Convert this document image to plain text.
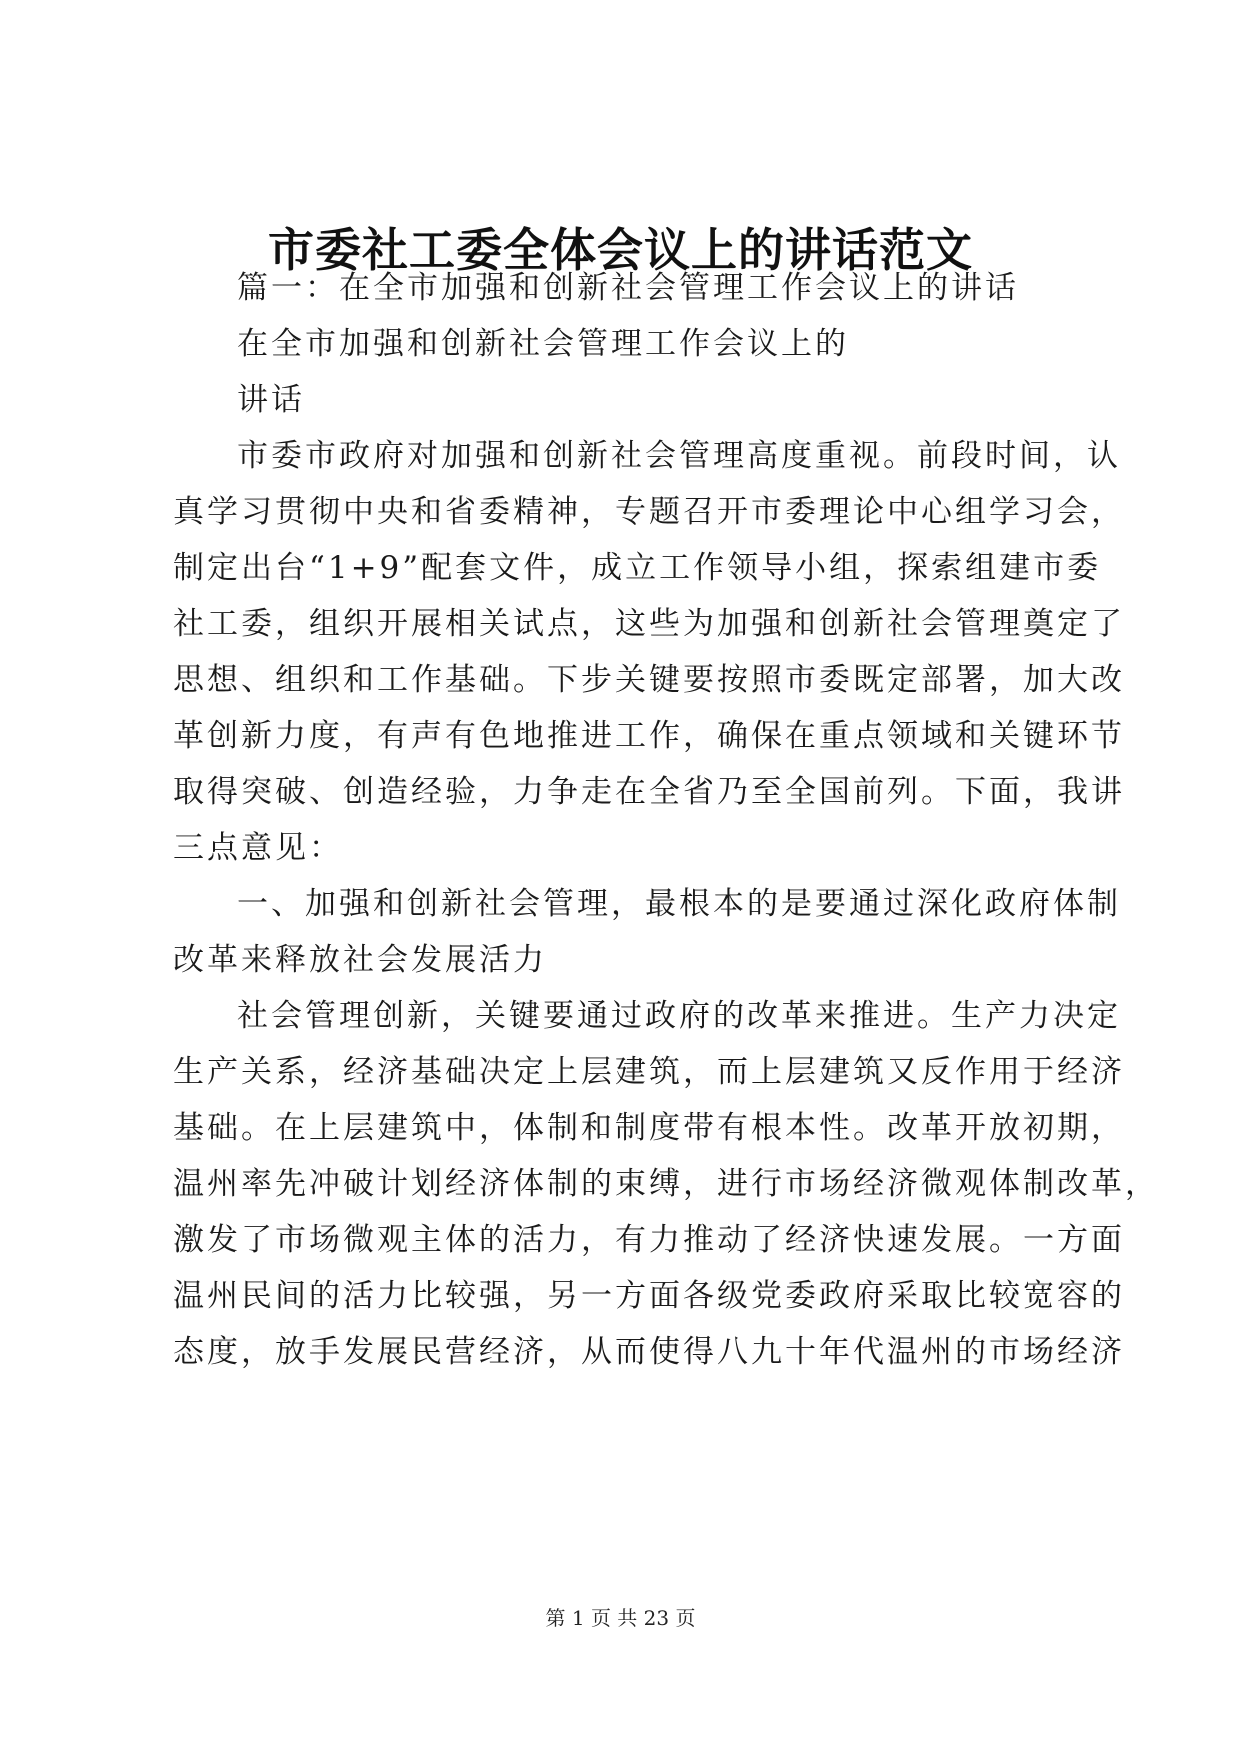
市委社工委全体会议上的讲话范文
篇一：在全市加强和创新社会管理工作会议上的讲话
在全市加强和创新社会管理工作会议上的
讲话
市委市政府对加强和创新社会管理高度重视。前段时间，认
真学习贯彻中央和省委精神，专题召开市委理论中心组学习会，
制定出台“1+9”配套文件，成立工作领导小组，探索组建市委
社工委，组织开展相关试点，这些为加强和创新社会管理奠定了
思想、组织和工作基础。下步关键要按照市委既定部署，加大改
革创新力度，有声有色地推进工作，确保在重点领域和关键环节
取得突破、创造经验，力争走在全省乃至全国前列。下面，我讲
三点意见：
一、加强和创新社会管理，最根本的是要通过深化政府体制
改革来释放社会发展活力
社会管理创新，关键要通过政府的改革来推进。生产力决定
生产关系，经济基础决定上层建筑，而上层建筑又反作用于经济
基础。在上层建筑中，体制和制度带有根本性。改革开放初期，
温州率先冲破计划经济体制的束缚，进行市场经济微观体制改革，
激发了市场微观主体的活力，有力推动了经济快速发展。一方面
温州民间的活力比较强，另一方面各级党委政府采取比较宽容的
态度，放手发展民营经济，从而使得八九十年代温州的市场经济
第 1 页 共 23 页
